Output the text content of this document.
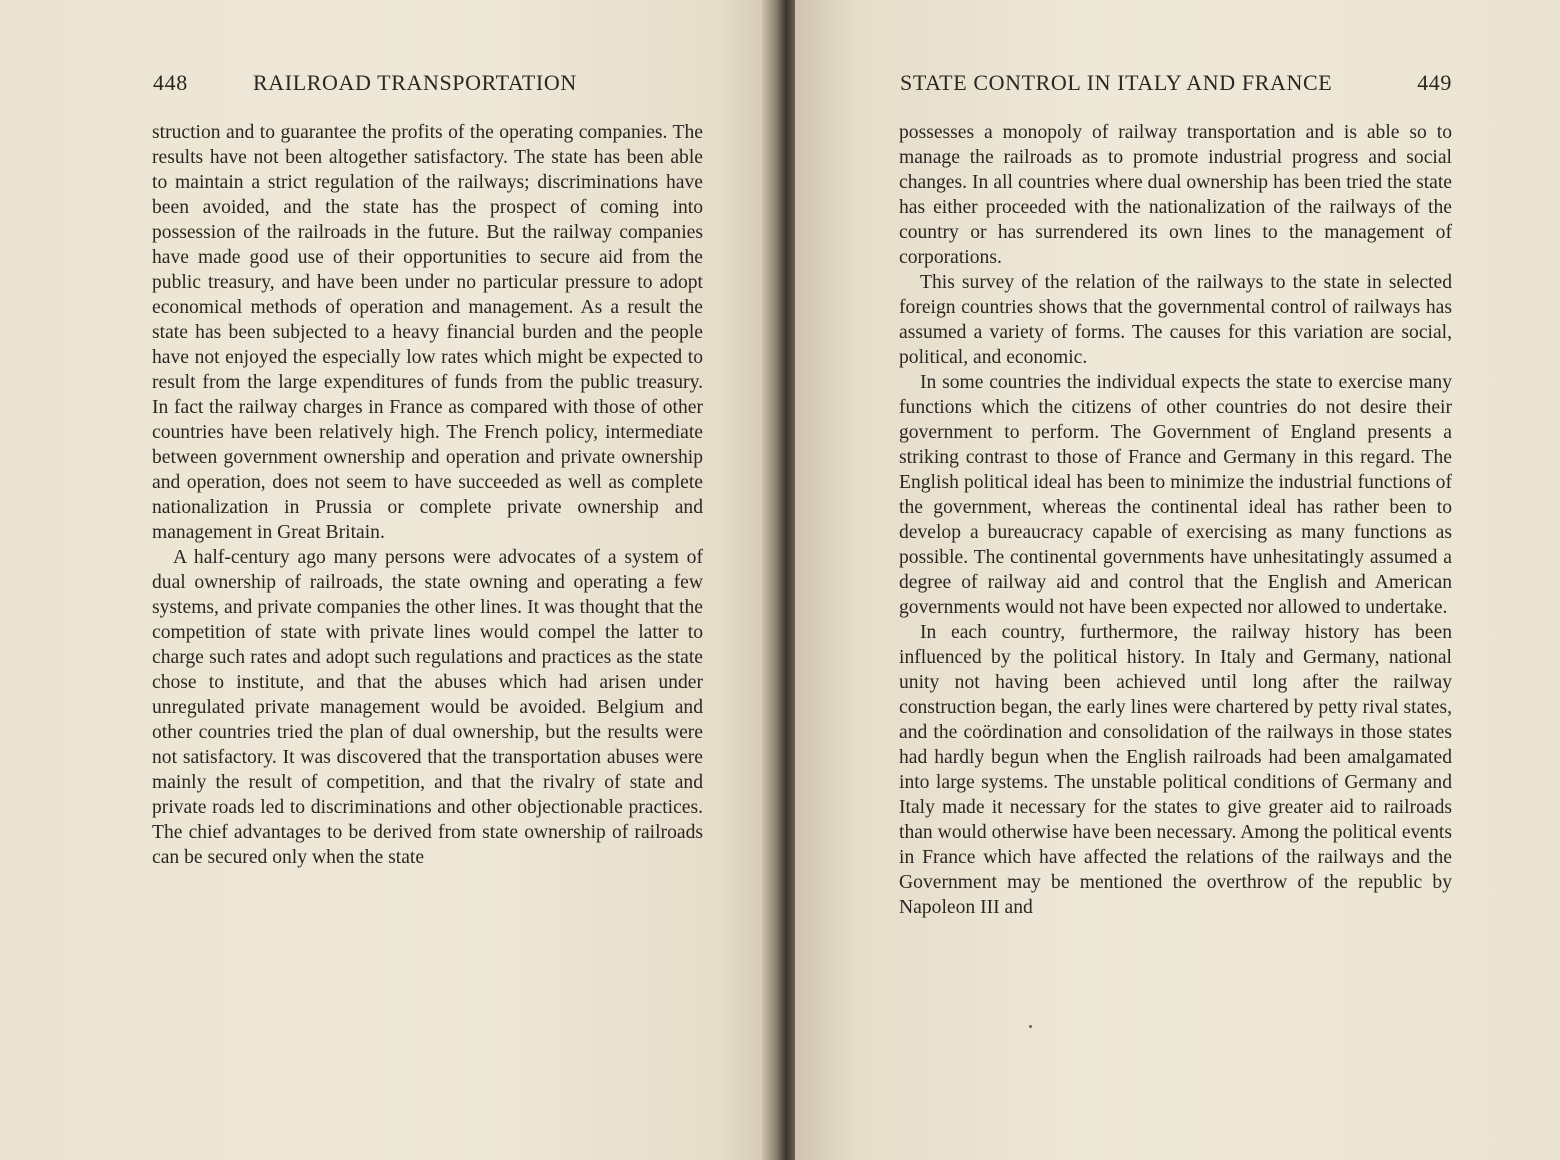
448	RAILROAD TRANSPORTATION

struction and to guarantee the profits of the operating companies. The results have not been altogether satisfactory. The state has been able to maintain a strict regulation of the railways; discriminations have been avoided, and the state has the prospect of coming into possession of the railroads in the future. But the railway companies have made good use of their opportunities to secure aid from the public treasury, and have been under no particular pressure to adopt economical methods of operation and management. As a result the state has been subjected to a heavy financial burden and the people have not enjoyed the especially low rates which might be expected to result from the large expenditures of funds from the public treasury. In fact the railway charges in France as compared with those of other countries have been relatively high. The French policy, intermediate between government ownership and operation and private ownership and operation, does not seem to have succeeded as well as complete nationalization in Prussia or complete private ownership and management in Great Britain.

A half-century ago many persons were advocates of a system of dual ownership of railroads, the state owning and operating a few systems, and private companies the other lines. It was thought that the competition of state with private lines would compel the latter to charge such rates and adopt such regulations and practices as the state chose to institute, and that the abuses which had arisen under unregulated private management would be avoided. Belgium and other countries tried the plan of dual ownership, but the results were not satisfactory. It was discovered that the transportation abuses were mainly the result of competition, and that the rivalry of state and private roads led to discriminations and other objectionable practices. The chief advantages to be derived from state ownership of railroads can be secured only when the state

STATE CONTROL IN ITALY AND FRANCE	449

possesses a monopoly of railway transportation and is able so to manage the railroads as to promote industrial progress and social changes. In all countries where dual ownership has been tried the state has either proceeded with the nationalization of the railways of the country or has surrendered its own lines to the management of corporations.

This survey of the relation of the railways to the state in selected foreign countries shows that the governmental control of railways has assumed a variety of forms. The causes for this variation are social, political, and economic.

In some countries the individual expects the state to exercise many functions which the citizens of other countries do not desire their government to perform. The Government of England presents a striking contrast to those of France and Germany in this regard. The English political ideal has been to minimize the industrial functions of the government, whereas the continental ideal has rather been to develop a bureaucracy capable of exercising as many functions as possible. The continental governments have unhesitatingly assumed a degree of railway aid and control that the English and American governments would not have been expected nor allowed to undertake.

In each country, furthermore, the railway history has been influenced by the political history. In Italy and Germany, national unity not having been achieved until long after the railway construction began, the early lines were chartered by petty rival states, and the coördination and consolidation of the railways in those states had hardly begun when the English railroads had been amalgamated into large systems. The unstable political conditions of Germany and Italy made it necessary for the states to give greater aid to railroads than would otherwise have been necessary. Among the political events in France which have affected the relations of the railways and the Government may be mentioned the overthrow of the republic by Napoleon III and
